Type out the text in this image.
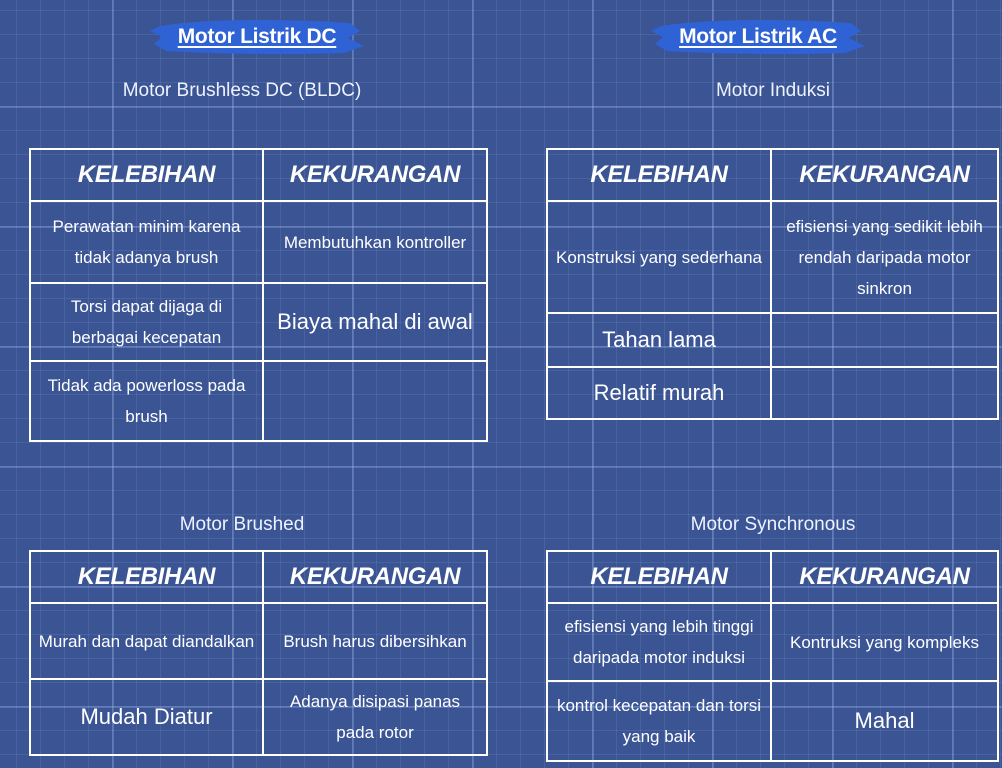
Motor Listrik DC
Motor Brushless DC (BLDC)
KELEBIHAN	KEKURANGAN
Perawatan minim karena tidak adanya brush	Membutuhkan kontroller
Torsi dapat dijaga di berbagai kecepatan	Biaya mahal di awal
Tidak ada powerloss pada brush	
Motor Brushed
KELEBIHAN	KEKURANGAN
Murah dan dapat diandalkan	Brush harus dibersihkan
Mudah Diatur	Adanya disipasi panas pada rotor
Motor Listrik AC
Motor Induksi
KELEBIHAN	KEKURANGAN
Konstruksi yang sederhana	efisiensi yang sedikit lebih rendah daripada motor sinkron
Tahan lama	
Relatif murah	
Motor Synchronous
KELEBIHAN	KEKURANGAN
efisiensi yang lebih tinggi daripada motor induksi	Kontruksi yang kompleks
kontrol kecepatan dan torsi yang baik	Mahal
